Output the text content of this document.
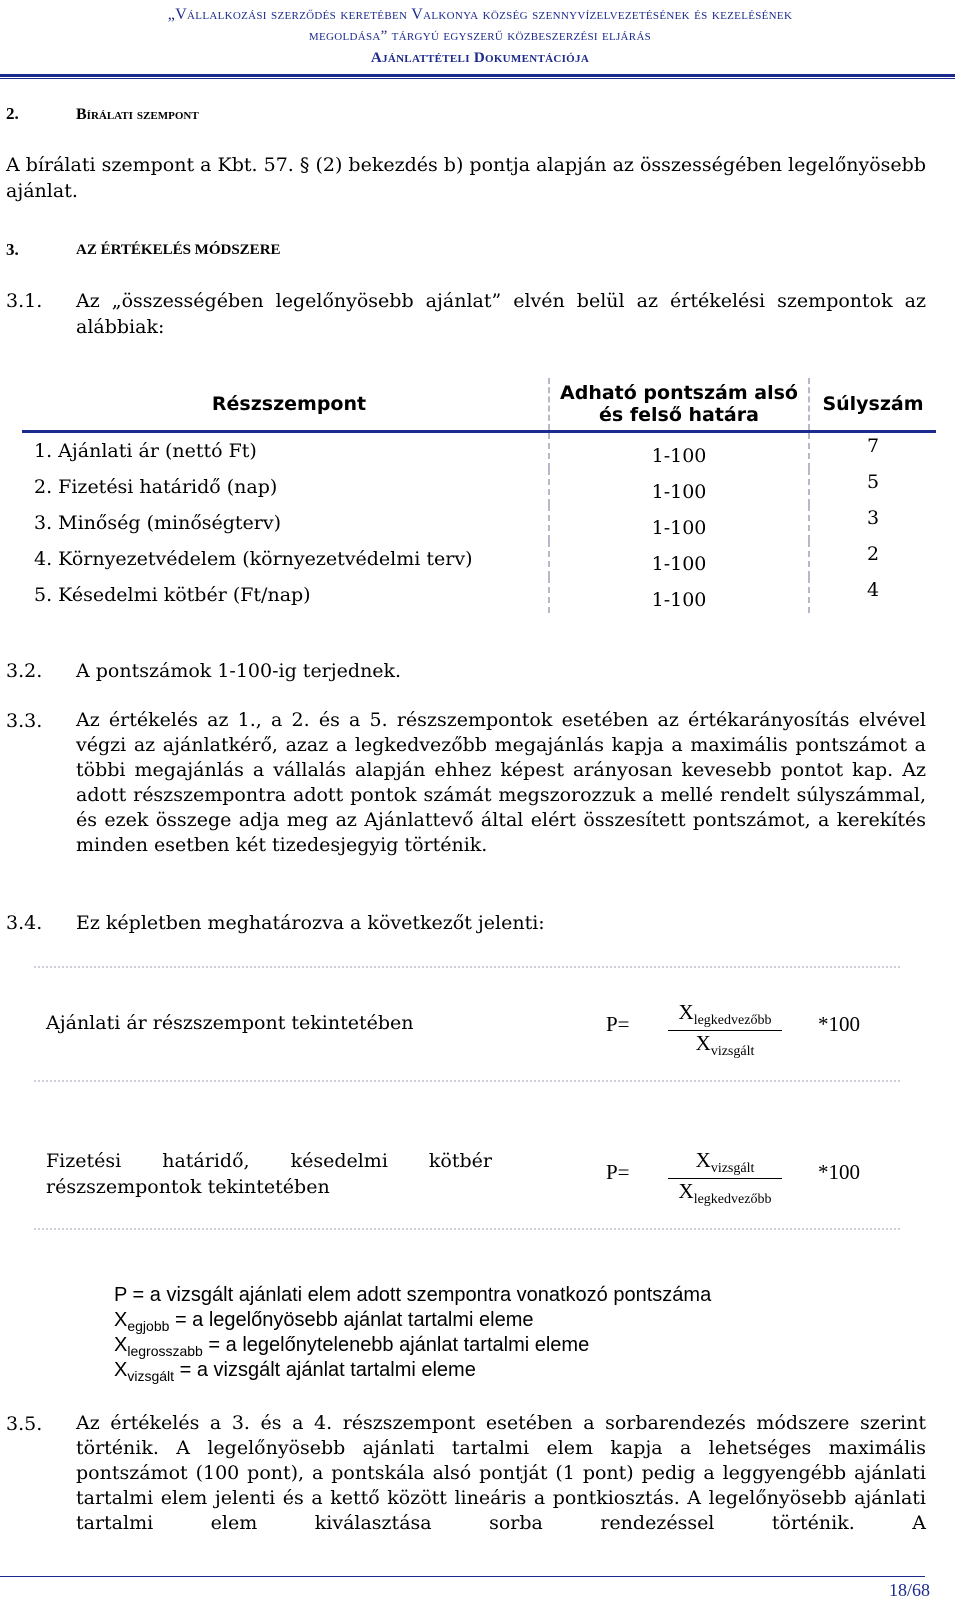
„Vállalkozási szerződés keretében Valkonya község szennyvízelvezetésének és kezelésének
megoldása” tárgyú egyszerű közbeszerzési eljárás
Ajánlattételi Dokumentációja
2.	Bírálati szempont
A bírálati szempont a Kbt. 57. § (2) bekezdés b) pontja alapján az összességében legelőnyösebb ajánlat.
3.	AZ ÉRTÉKELÉS MÓDSZERE
3.1. Az „összességében legelőnyösebb ajánlat” elvén belül az értékelési szempontok az alábbiak:
Részszempont	Adható pontszám alsó és felső határa	Súlyszám
1. Ajánlati ár (nettó Ft)	1-100	7
2. Fizetési határidő (nap)	1-100	5
3. Minőség (minőségterv)	1-100	3
4. Környezetvédelem (környezetvédelmi terv)	1-100	2
5. Késedelmi kötbér (Ft/nap)	1-100	4
3.2. A pontszámok 1-100-ig terjednek.
3.3. Az értékelés az 1., a 2. és a 5. részszempontok esetében az értékarányosítás elvével végzi az ajánlatkérő, azaz a legkedvezőbb megajánlás kapja a maximális pontszámot a többi megajánlás a vállalás alapján ehhez képest arányosan kevesebb pontot kap. Az adott részszempontra adott pontok számát megszorozzuk a mellé rendelt súlyszámmal, és ezek összege adja meg az Ajánlattevő által elért összesített pontszámot, a kerekítés minden esetben két tizedesjegyig történik.
3.4. Ez képletben meghatározva a következőt jelenti:
Ajánlati ár részszempont tekintetében	P=	$X_{legkedvezőbb}$
$X_{vizsgált}$
*100
Fizetési határidő, késedelmi kötbér részszempontok tekintetében
P=	$X_{vizsgált}$
$X_{legkedvezőbb}$
*100
P = a vizsgált ajánlati elem adott szempontra vonatkozó pontszáma
$X_{egjobb} = a$ legelőnyösebb ajánlat tartalmi eleme
$X_{legrosszabb} = a$ legelőnytelenebb ajánlat tartalmi eleme
$X_{vizsgált} = a$ vizsgált ajánlat tartalmi eleme
3.5. Az értékelés a 3. és a 4. részszempont esetében a sorbarendezés módszere szerint történik. A legelőnyösebb ajánlati tartalmi elem kapja a lehetséges maximális pontszámot (100 pont), a pontskála alsó pontját (1 pont) pedig a leggyengébb ajánlati tartalmi elem jelenti és a kettő között lineáris a pontkiosztás. A legelőnyösebb ajánlati tartalmi elem kiválasztása sorba rendezéssel történik. A
18/68
